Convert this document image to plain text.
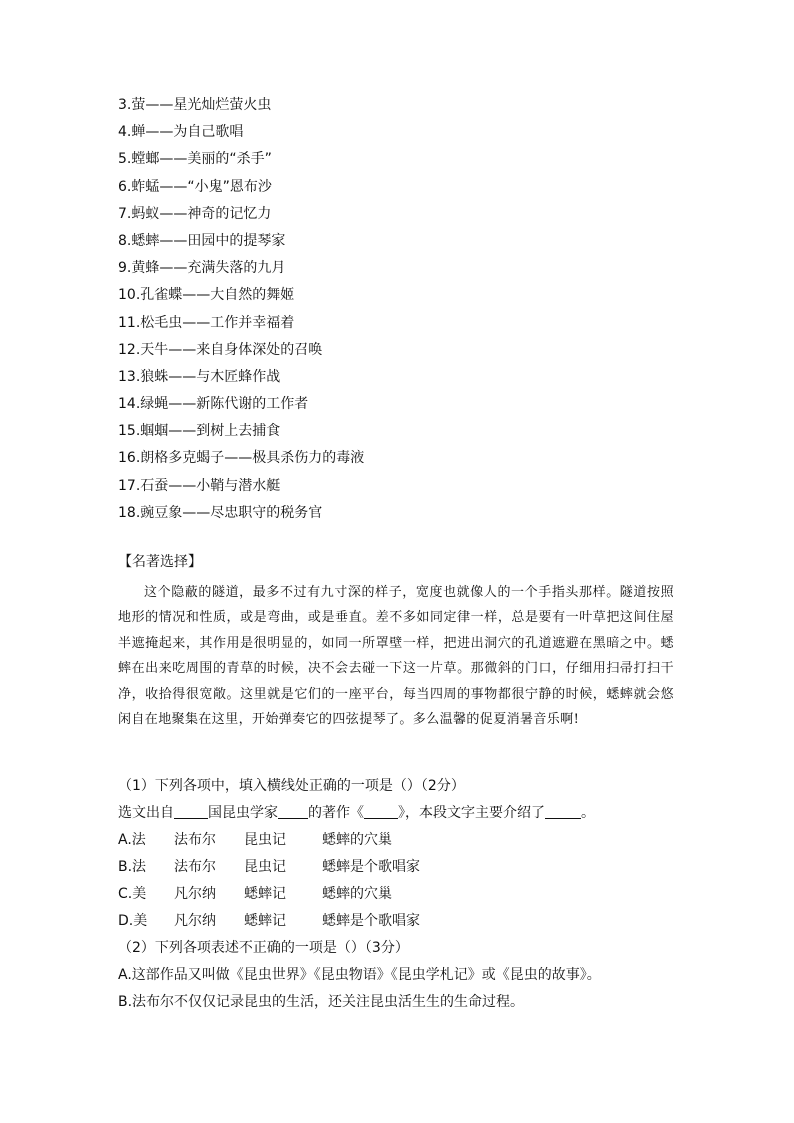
3.萤——星光灿烂萤火虫
4.蝉——为自己歌唱
5.螳螂——美丽的“杀手”
6.蚱蜢——“小鬼”恩布沙
7.蚂蚁——神奇的记忆力
8.蟋蟀——田园中的提琴家
9.黄蜂——充满失落的九月
10.孔雀蝶——大自然的舞姬
11.松毛虫——工作并幸福着
12.天牛——来自身体深处的召唤
13.狼蛛——与木匠蜂作战
14.绿蝇——新陈代谢的工作者
15.蝈蝈——到树上去捕食
16.朗格多克蝎子——极具杀伤力的毒液
17.石蚕——小鞘与潜水艇
18.豌豆象——尽忠职守的税务官

【名著选择】

这个隐蔽的隧道，最多不过有九寸深的样子，宽度也就像人的一个手指头那样。隧道按照地形的情况和性质，或是弯曲，或是垂直。差不多如同定律一样，总是要有一叶草把这间住屋半遮掩起来，其作用是很明显的，如同一所罩壁一样，把进出洞穴的孔道遮避在黑暗之中。蟋蟀在出来吃周围的青草的时候，决不会去碰一下这一片草。那微斜的门口，仔细用扫帚打扫干净，收拾得很宽敞。这里就是它们的一座平台，每当四周的事物都很宁静的时候，蟋蟀就会悠闲自在地聚集在这里，开始弹奏它的四弦提琴了。多么温馨的促夏消暑音乐啊!

（1）下列各项中，填入横线处正确的一项是（）（2分）

选文出自 国昆虫学家 的著作《 》，本段文字主要介绍了	。

A.法 法布尔 昆虫记	蟋蟀的穴巢
B.法 法布尔 昆虫记	蟋蟀是个歌唱家
C.美 凡尔纳 蟋蟀记	蟋蟀的穴巢
D.美 凡尔纳 蟋蟀记	蟋蟀是个歌唱家

（2）下列各项表述不正确的一项是（）（3分）

A.这部作品又叫做《昆虫世界》《昆虫物语》《昆虫学札记》或《昆虫的故事》。

B.法布尔不仅仅记录昆虫的生活，还关注昆虫活生生的生命过程。
